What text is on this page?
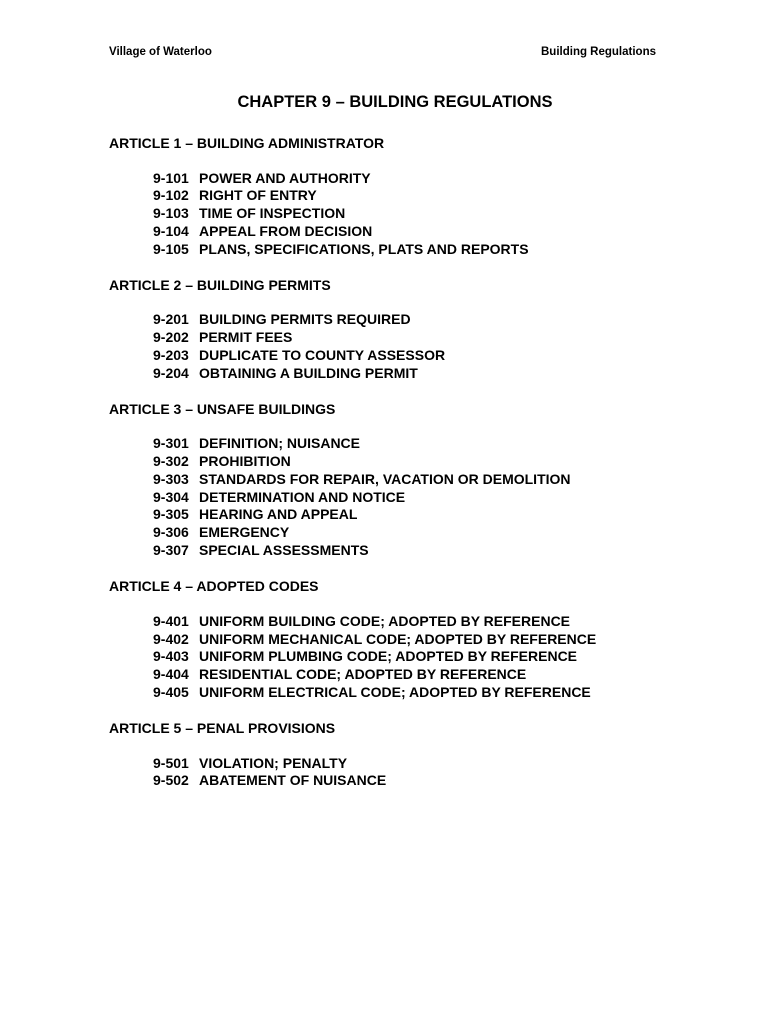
Village of Waterloo	Building Regulations
CHAPTER 9 – BUILDING REGULATIONS
ARTICLE 1 – BUILDING ADMINISTRATOR
9-101 POWER AND AUTHORITY
9-102 RIGHT OF ENTRY
9-103 TIME OF INSPECTION
9-104 APPEAL FROM DECISION
9-105 PLANS, SPECIFICATIONS, PLATS AND REPORTS
ARTICLE 2 – BUILDING PERMITS
9-201 BUILDING PERMITS REQUIRED
9-202 PERMIT FEES
9-203 DUPLICATE TO COUNTY ASSESSOR
9-204 OBTAINING A BUILDING PERMIT
ARTICLE 3 – UNSAFE BUILDINGS
9-301 DEFINITION; NUISANCE
9-302 PROHIBITION
9-303 STANDARDS FOR REPAIR, VACATION OR DEMOLITION
9-304 DETERMINATION AND NOTICE
9-305 HEARING AND APPEAL
9-306 EMERGENCY
9-307 SPECIAL ASSESSMENTS
ARTICLE 4 – ADOPTED CODES
9-401 UNIFORM BUILDING CODE; ADOPTED BY REFERENCE
9-402 UNIFORM MECHANICAL CODE; ADOPTED BY REFERENCE
9-403 UNIFORM PLUMBING CODE; ADOPTED BY REFERENCE
9-404 RESIDENTIAL CODE; ADOPTED BY REFERENCE
9-405 UNIFORM ELECTRICAL CODE; ADOPTED BY REFERENCE
ARTICLE 5 – PENAL PROVISIONS
9-501 VIOLATION; PENALTY
9-502 ABATEMENT OF NUISANCE
